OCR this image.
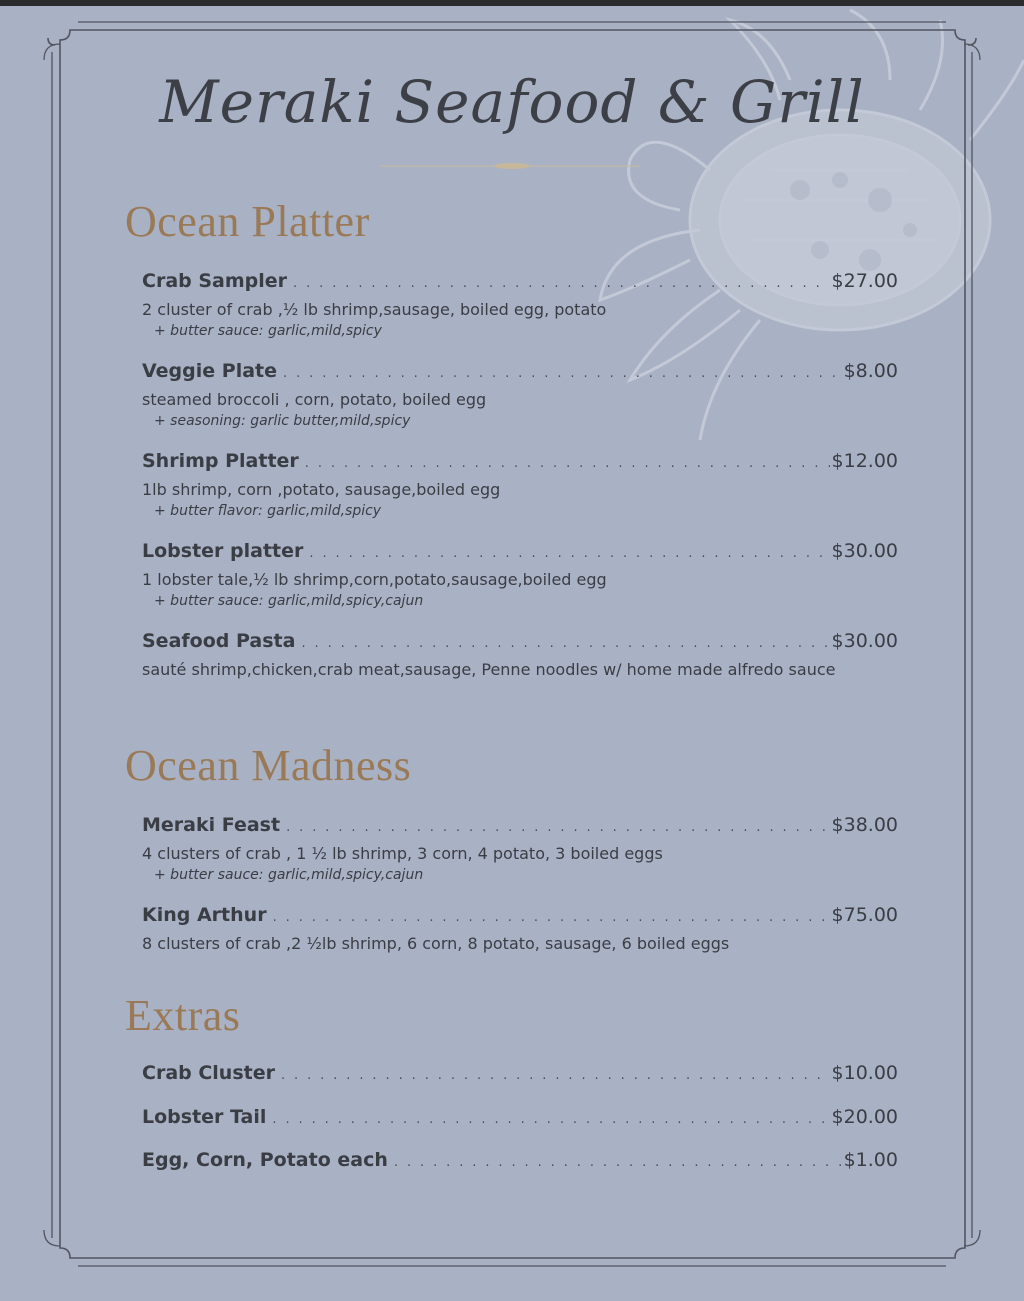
Meraki Seafood & Grill
Ocean Platter
Crab Sampler . . .	$27.00
2 cluster of crab ,½ lb shrimp,sausage, boiled egg, potato
+ butter sauce: garlic,mild,spicy
Veggie Plate . . .	$8.00
steamed broccoli , corn, potato, boiled egg
+ seasoning: garlic butter,mild,spicy
Shrimp Platter . . .	$12.00
1lb shrimp, corn ,potato, sausage,boiled egg
+ butter flavor: garlic,mild,spicy
Lobster platter . . .	$30.00
1 lobster tale,½ lb shrimp,corn,potato,sausage,boiled egg
+ butter sauce: garlic,mild,spicy,cajun
Seafood Pasta . . .	$30.00
sauté shrimp,chicken,crab meat,sausage, Penne noodles w/ home made alfredo sauce
Ocean Madness
Meraki Feast . . .	$38.00
4 clusters of crab , 1 ½ lb shrimp, 3 corn, 4 potato, 3 boiled eggs
+ butter sauce: garlic,mild,spicy,cajun
King Arthur . . .	$75.00
8 clusters of crab ,2 ½lb shrimp, 6 corn, 8 potato, sausage, 6 boiled eggs
Extras
Crab Cluster . . .	$10.00
Lobster Tail . . .	$20.00
Egg, Corn, Potato each . . .	$1.00
